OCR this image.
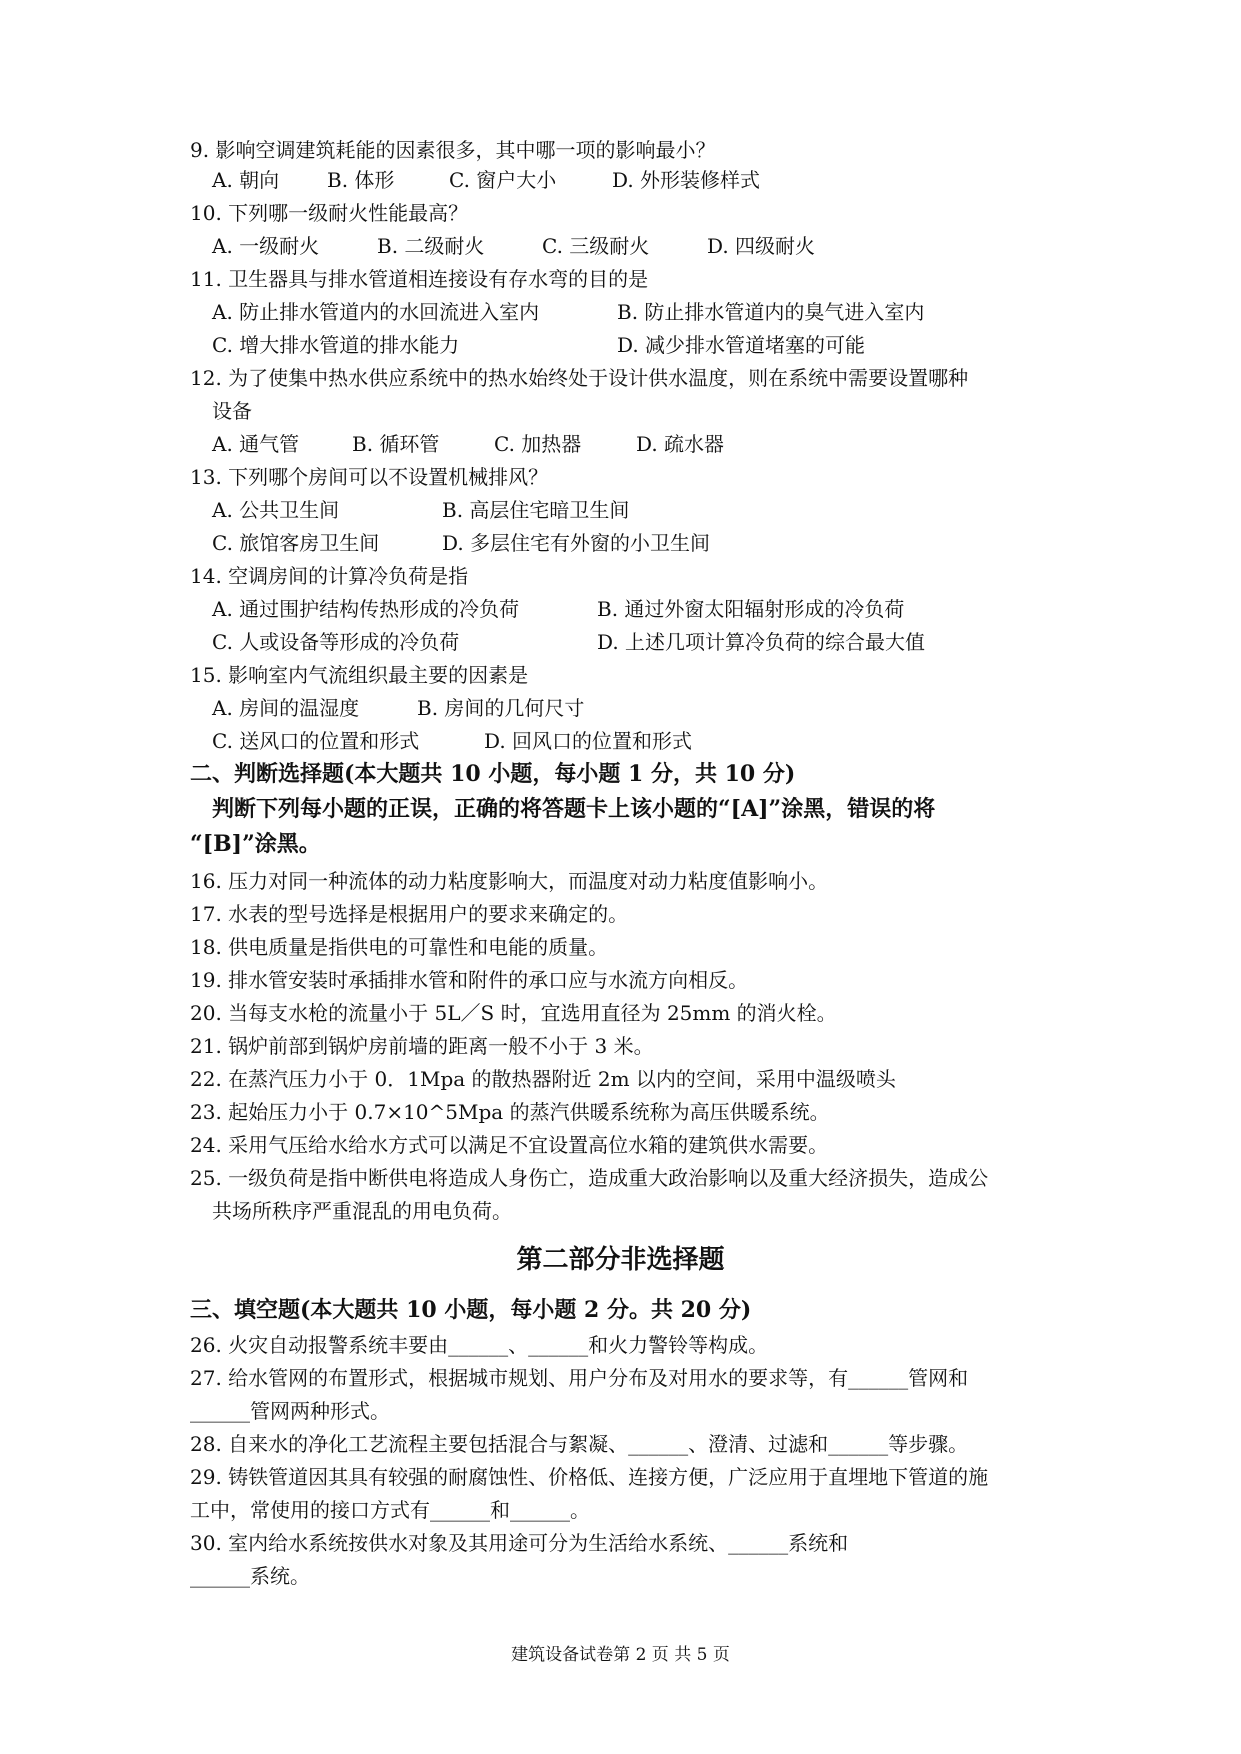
9. 影响空调建筑耗能的因素很多，其中哪一项的影响最小？

A. 朝向

B. 体形

	C. 窗户大小

	D. 外形装修样式

10. 下列哪一级耐火性能最高？

A. 一级耐火

	B. 二级耐火

	C. 三级耐火

	D. 四级耐火

11. 卫生器具与排水管道相连接设有存水弯的目的是

A. 防止排水管道内的水回流进入室内

	B. 防止排水管道内的臭气进入室内

C. 增大排水管道的排水能力

	D. 减少排水管道堵塞的可能

12. 为了使集中热水供应系统中的热水始终处于设计供水温度，则在系统中需要设置哪种
设备

A. 通气管

	B. 循环管

	C. 加热器

	D. 疏水器

13. 下列哪个房间可以不设置机械排风？

A. 公共卫生间

	B. 高层住宅暗卫生间

C. 旅馆客房卫生间

	D. 多层住宅有外窗的小卫生间

14. 空调房间的计算冷负荷是指

A. 通过围护结构传热形成的冷负荷

	B. 通过外窗太阳辐射形成的冷负荷

C. 人或设备等形成的冷负荷

	D. 上述几项计算冷负荷的综合最大值

15. 影响室内气流组织最主要的因素是

A. 房间的温湿度

	B. 房间的几何尺寸

C. 送风口的位置和形式

	D. 回风口的位置和形式

二、判断选择题(本大题共 10 小题，每小题 1 分，共 10 分)
判断下列每小题的正误，正确的将答题卡上该小题的“[A]”涂黑，错误的将
“[B]”涂黑。
16. 压力对同一种流体的动力粘度影响大，而温度对动力粘度值影响小。
17. 水表的型号选择是根据用户的要求来确定的。
18. 供电质量是指供电的可靠性和电能的质量。
19. 排水管安装时承插排水管和附件的承口应与水流方向相反。
20. 当每支水枪的流量小于 5L／S 时，宜选用直径为 25mm 的消火栓。
21. 锅炉前部到锅炉房前墙的距离一般不小于 3 米。
22. 在蒸汽压力小于 0．1Mpa 的散热器附近 2m 以内的空间，采用中温级喷头
23. 起始压力小于 0.7×10^5Mpa 的蒸汽供暖系统称为高压供暖系统。
24. 采用气压给水给水方式可以满足不宜设置高位水箱的建筑供水需要。
25. 一级负荷是指中断供电将造成人身伤亡，造成重大政治影响以及重大经济损失，造成公
共场所秩序严重混乱的用电负荷。
第二部分非选择题
三、填空题(本大题共 10 小题，每小题 2 分。共 20 分)
26. 火灾自动报警系统丰要由______、______和火力警铃等构成。
27. 给水管网的布置形式，根据城市规划、用户分布及对用水的要求等，有______管网和
______管网两种形式。
28. 自来水的净化工艺流程主要包括混合与絮凝、______、澄清、过滤和______等步骤。
29. 铸铁管道因其具有较强的耐腐蚀性、价格低、连接方便，广泛应用于直埋地下管道的施
工中，常使用的接口方式有______和______。
30. 室内给水系统按供水对象及其用途可分为生活给水系统、______系统和
______系统。
建筑设备试卷第 2 页 共 5 页
